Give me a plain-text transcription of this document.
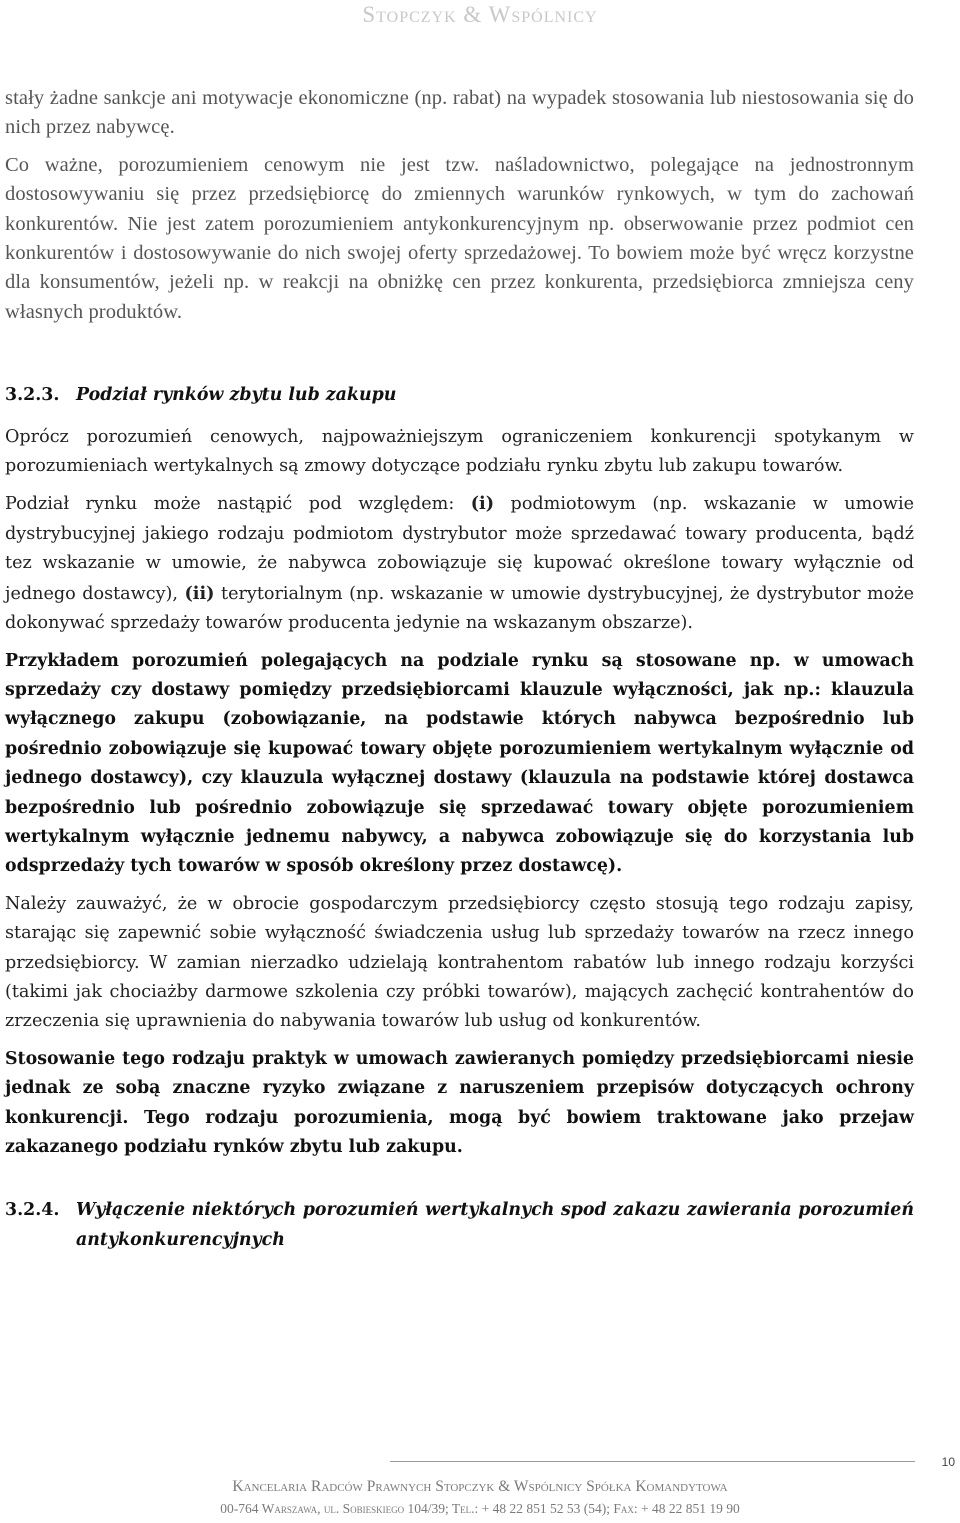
Stopczyk & Wspólnicy

stały żadne sankcje ani motywacje ekonomiczne (np. rabat) na wypadek stosowania lub niestosowania się do nich przez nabywcę.

Co ważne, porozumieniem cenowym nie jest tzw. naśladownictwo, polegające na jednostronnym dostosowywaniu się przez przedsiębiorcę do zmiennych warunków rynkowych, w tym do zachowań konkurentów. Nie jest zatem porozumieniem antykonkurencyjnym np. obserwowanie przez podmiot cen konkurentów i dostosowywanie do nich swojej oferty sprzedażowej. To bowiem może być wręcz korzystne dla konsumentów, jeżeli np. w reakcji na obniżkę cen przez konkurenta, przedsiębiorca zmniejsza ceny własnych produktów.

3.2.3. Podział rynków zbytu lub zakupu

Oprócz porozumień cenowych, najpoważniejszym ograniczeniem konkurencji spotykanym w porozumieniach wertykalnych są zmowy dotyczące podziału rynku zbytu lub zakupu towarów.

Podział rynku może nastąpić pod względem: (i) podmiotowym (np. wskazanie w umowie dystrybucyjnej jakiego rodzaju podmiotom dystrybutor może sprzedawać towary producenta, bądź tez wskazanie w umowie, że nabywca zobowiązuje się kupować określone towary wyłącznie od jednego dostawcy), (ii) terytorialnym (np. wskazanie w umowie dystrybucyjnej, że dystrybutor może dokonywać sprzedaży towarów producenta jedynie na wskazanym obszarze).

Przykładem porozumień polegających na podziale rynku są stosowane np. w umowach sprzedaży czy dostawy pomiędzy przedsiębiorcami klauzule wyłączności, jak np.: klauzula wyłącznego zakupu (zobowiązanie, na podstawie których nabywca bezpośrednio lub pośrednio zobowiązuje się kupować towary objęte porozumieniem wertykalnym wyłącznie od jednego dostawcy), czy klauzula wyłącznej dostawy (klauzula na podstawie której dostawca bezpośrednio lub pośrednio zobowiązuje się sprzedawać towary objęte porozumieniem wertykalnym wyłącznie jednemu nabywcy, a nabywca zobowiązuje się do korzystania lub odsprzedaży tych towarów w sposób określony przez dostawcę).

Należy zauważyć, że w obrocie gospodarczym przedsiębiorcy często stosują tego rodzaju zapisy, starając się zapewnić sobie wyłączność świadczenia usług lub sprzedaży towarów na rzecz innego przedsiębiorcy. W zamian nierzadko udzielają kontrahentom rabatów lub innego rodzaju korzyści (takimi jak chociażby darmowe szkolenia czy próbki towarów), mających zachęcić kontrahentów do zrzeczenia się uprawnienia do nabywania towarów lub usług od konkurentów.

Stosowanie tego rodzaju praktyk w umowach zawieranych pomiędzy przedsiębiorcami niesie jednak ze sobą znaczne ryzyko związane z naruszeniem przepisów dotyczących ochrony konkurencji. Tego rodzaju porozumienia, mogą być bowiem traktowane jako przejaw zakazanego podziału rynków zbytu lub zakupu.

3.2.4. Wyłączenie niektórych porozumień wertykalnych spod zakazu zawierania porozumień antykonkurencyjnych
10
Kancelaria Radców Prawnych Stopczyk & Wspólnicy Spółka Komandytowa
00-764 Warszawa, ul. Sobieskiego 104/39; Tel.: + 48 22 851 52 53 (54); Fax: + 48 22 851 19 90
